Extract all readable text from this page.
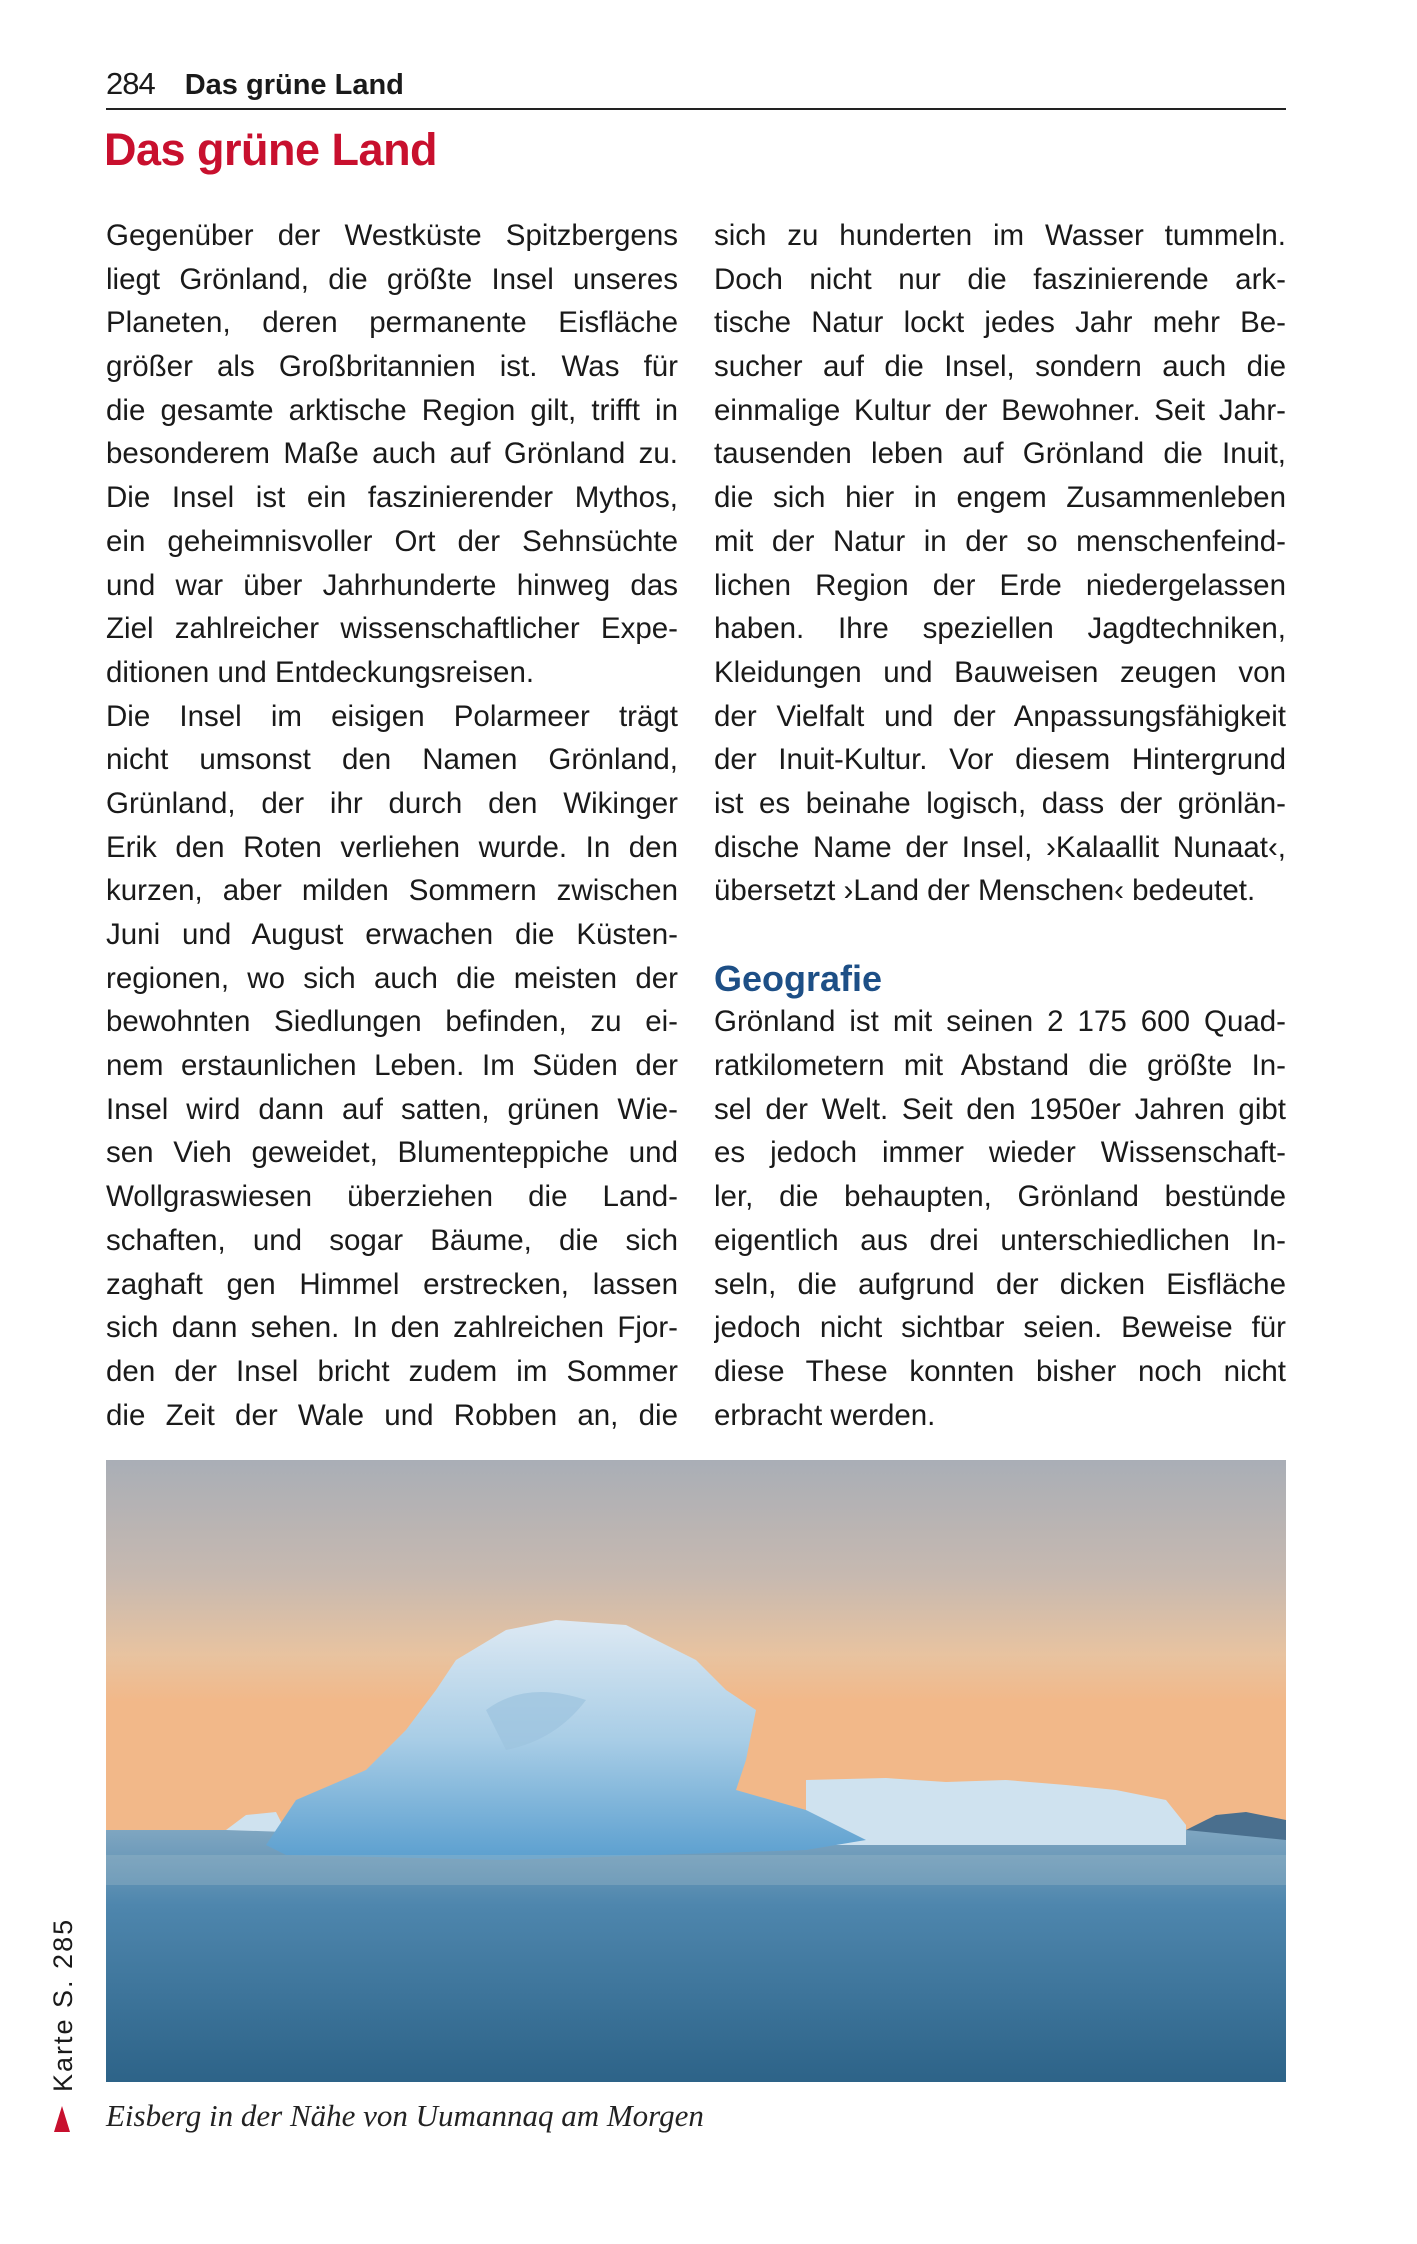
284 Das grüne Land
Das grüne Land
Gegenüber der Westküste Spitzbergens
liegt Grönland, die größte Insel unseres
Planeten, deren permanente Eisfläche
größer als Großbritannien ist. Was für
die gesamte arktische Region gilt, trifft in
besonderem Maße auch auf Grönland zu.
Die Insel ist ein faszinierender Mythos,
ein geheimnisvoller Ort der Sehnsüchte
und war über Jahrhunderte hinweg das
Ziel zahlreicher wissenschaftlicher Expe-
ditionen und Entdeckungsreisen.
Die Insel im eisigen Polarmeer trägt
nicht umsonst den Namen Grönland,
Grünland, der ihr durch den Wikinger
Erik den Roten verliehen wurde. In den
kurzen, aber milden Sommern zwischen
Juni und August erwachen die Küsten-
regionen, wo sich auch die meisten der
bewohnten Siedlungen befinden, zu ei-
nem erstaunlichen Leben. Im Süden der
Insel wird dann auf satten, grünen Wie-
sen Vieh geweidet, Blumenteppiche und
Wollgraswiesen überziehen die Land-
schaften, und sogar Bäume, die sich
zaghaft gen Himmel erstrecken, lassen
sich dann sehen. In den zahlreichen Fjor-
den der Insel bricht zudem im Sommer
die Zeit der Wale und Robben an, die
sich zu hunderten im Wasser tummeln.
Doch nicht nur die faszinierende ark-
tische Natur lockt jedes Jahr mehr Be-
sucher auf die Insel, sondern auch die
einmalige Kultur der Bewohner. Seit Jahr-
tausenden leben auf Grönland die Inuit,
die sich hier in engem Zusammenleben
mit der Natur in der so menschenfeind-
lichen Region der Erde niedergelassen
haben. Ihre speziellen Jagdtechniken,
Kleidungen und Bauweisen zeugen von
der Vielfalt und der Anpassungsfähigkeit
der Inuit-Kultur. Vor diesem Hintergrund
ist es beinahe logisch, dass der grönlän-
dische Name der Insel, ›Kalaallit Nunaat‹,
übersetzt ›Land der Menschen‹ bedeutet.
Geografie
Grönland ist mit seinen 2 175 600 Quad-
ratkilometern mit Abstand die größte In-
sel der Welt. Seit den 1950er Jahren gibt
es jedoch immer wieder Wissenschaft-
ler, die behaupten, Grönland bestünde
eigentlich aus drei unterschiedlichen In-
seln, die aufgrund der dicken Eisfläche
jedoch nicht sichtbar seien. Beweise für
diese These konnten bisher noch nicht
erbracht werden.
Eisberg in der Nähe von Uumannaq am Morgen
Karte S. 285
